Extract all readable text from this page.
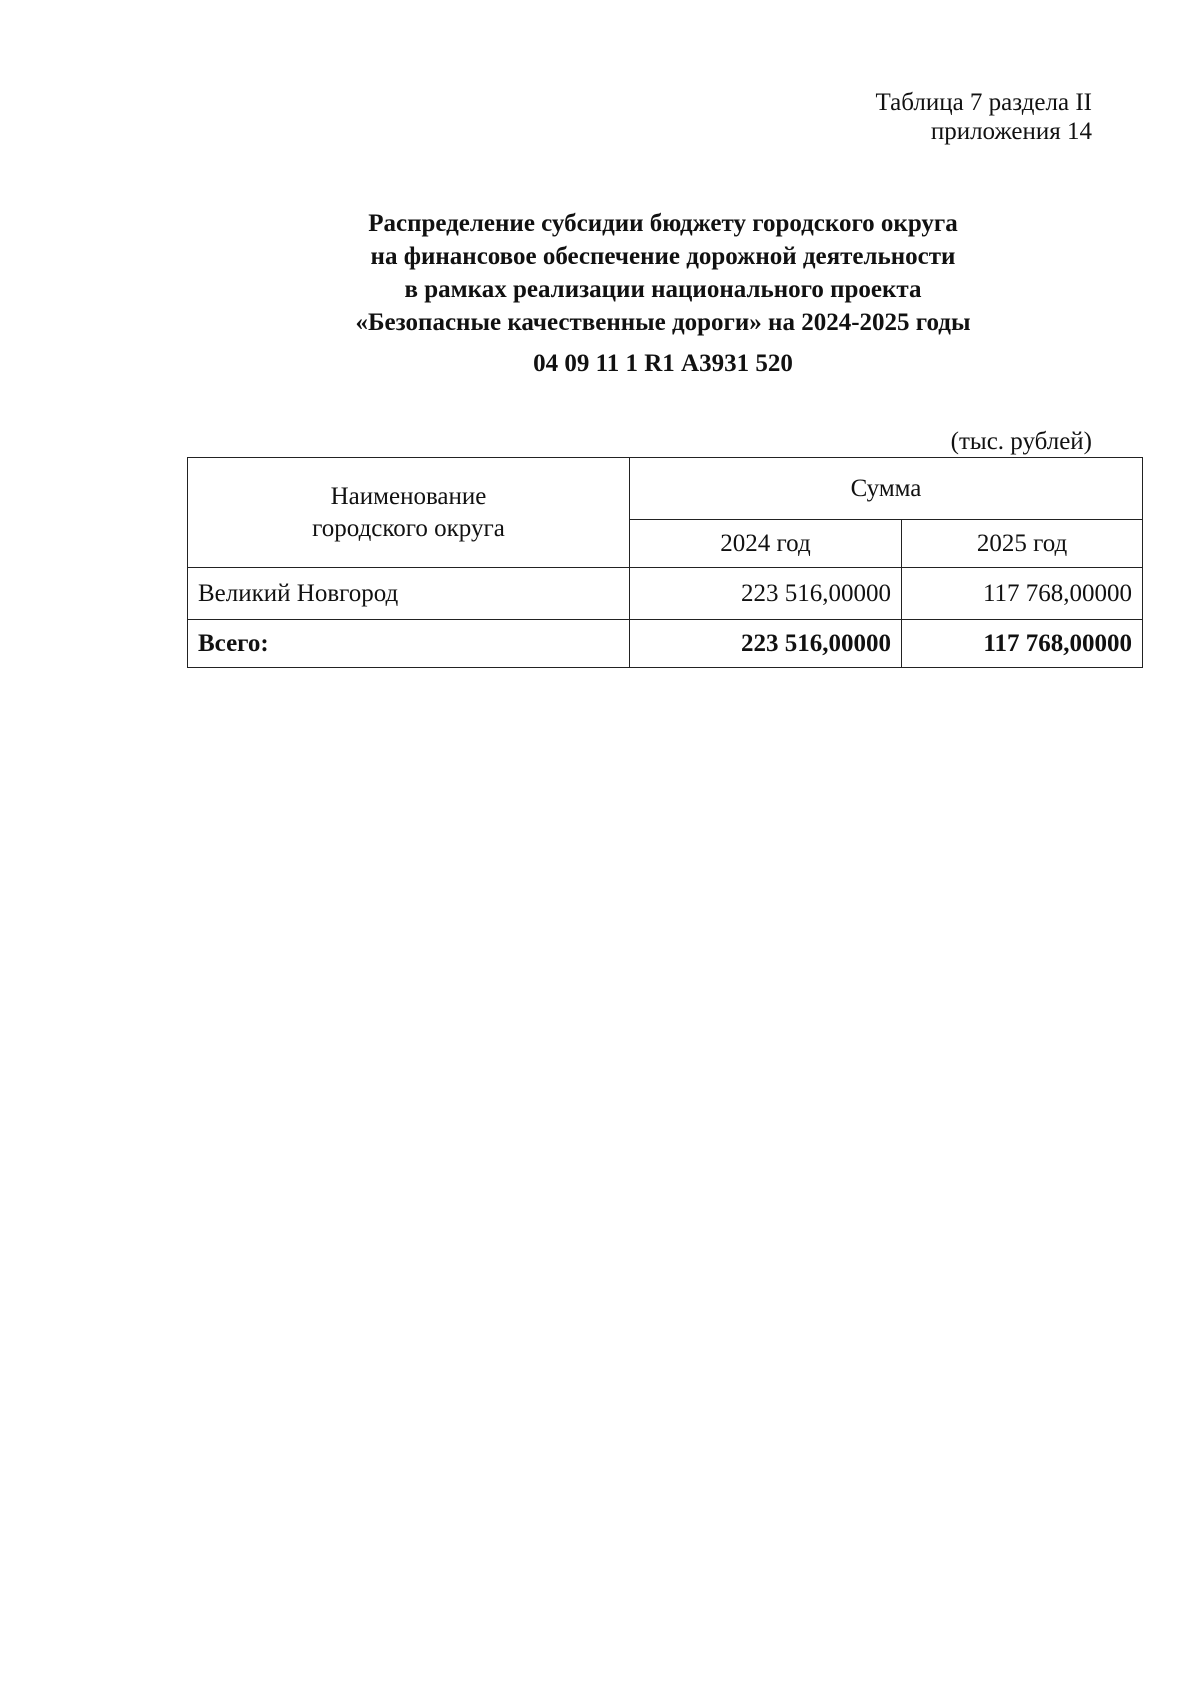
Таблица 7 раздела II
приложения 14
Распределение субсидии бюджету городского округа
на финансовое обеспечение дорожной деятельности
в рамках реализации национального проекта
«Безопасные качественные дороги» на 2024-2025 годы
04 09 11 1 R1 А3931 520
(тыс. рублей)
Наименование
городского округа	Сумма	
	2024 год	2025 год
Великий Новгород	223 516,00000	117 768,00000
Всего:	223 516,00000	117 768,00000
